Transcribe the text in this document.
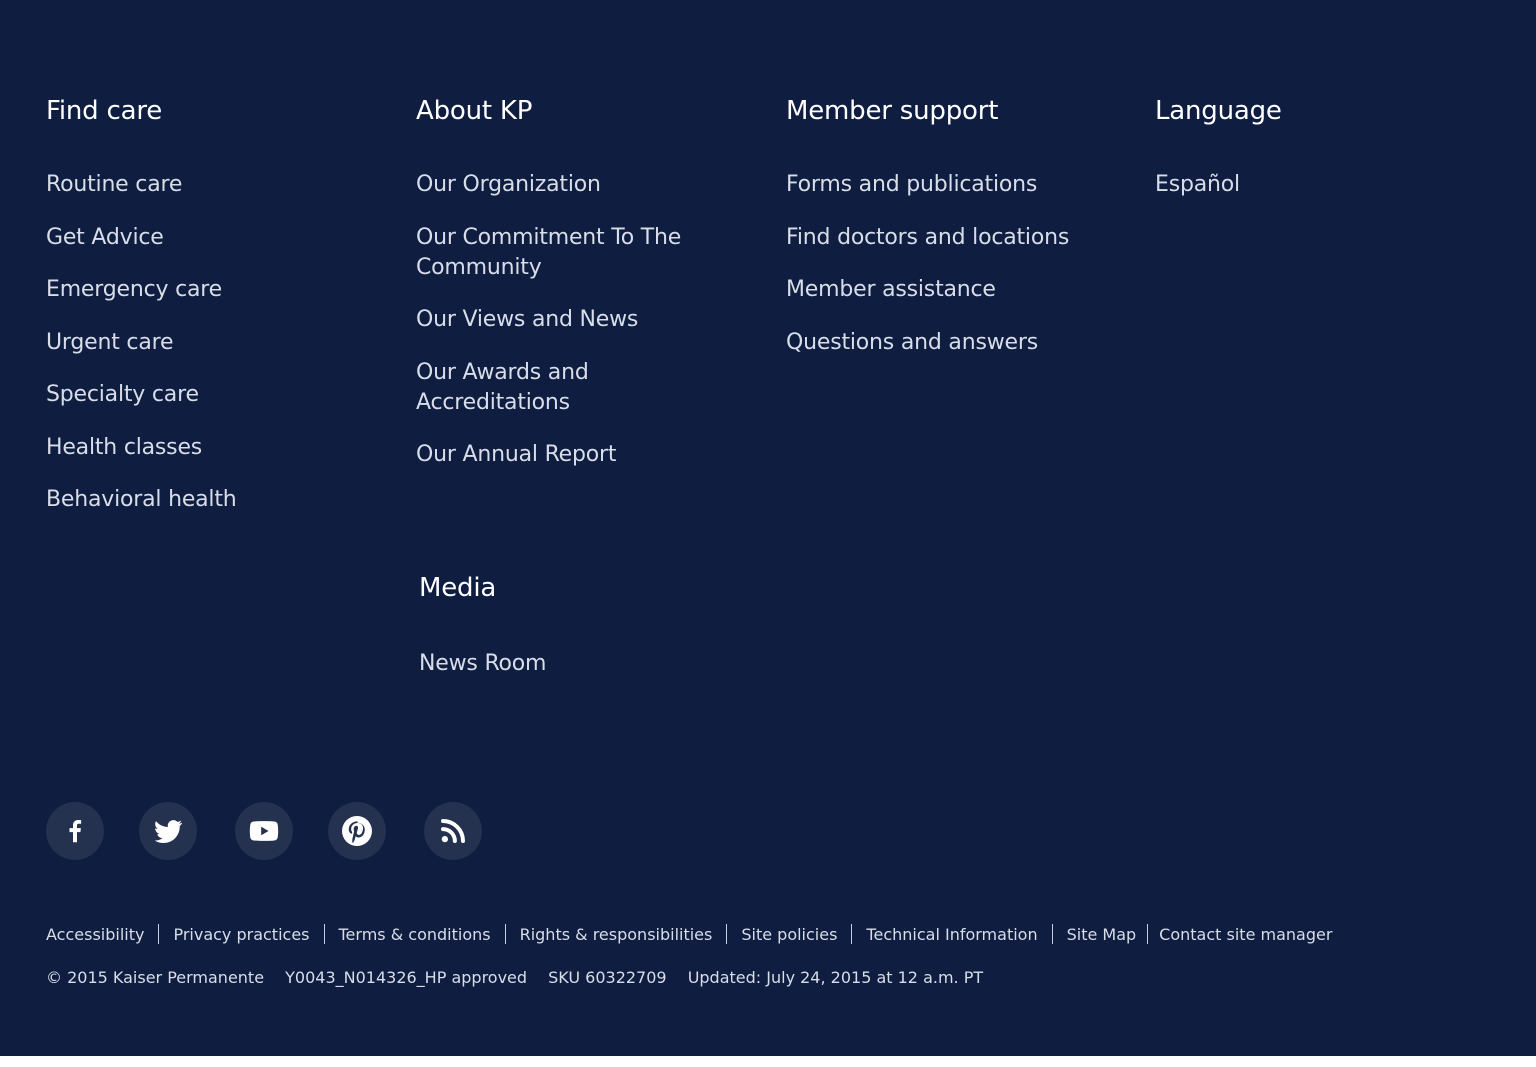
Find care
Routine care
Get Advice
Emergency care
Urgent care
Specialty care
Health classes
Behavioral health
About KP
Our Organization
Our Commitment To The Community
Our Views and News
Our Awards and Accreditations
Our Annual Report
Member support
Forms and publications
Find doctors and locations
Member assistance
Questions and answers
Language
Español
Media
News Room
Accessibility Privacy practices Terms & conditions Rights & responsibilities Site policies Technical Information Site Map Contact site manager
© 2015 Kaiser Permanente Y0043_N014326_HP approved SKU 60322709 Updated: July 24, 2015 at 12 a.m. PT
